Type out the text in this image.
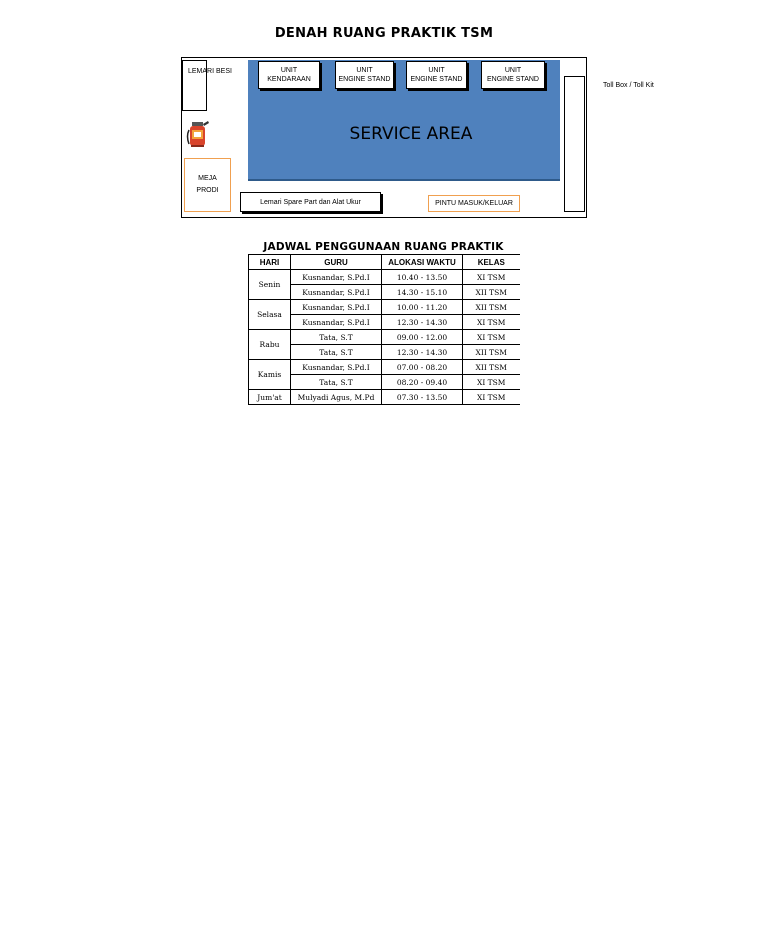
DENAH RUANG PRAKTIK TSM
SERVICE AREA
UNIT
KENDARAAN
UNIT
ENGINE STAND
UNIT
ENGINE STAND
UNIT
ENGINE STAND
LEMARI BESI
MEJA
PRODI
Lemari Spare Part dan Alat Ukur	PINTU MASUK/KELUAR
Toll Box / Toll Kit
JADWAL PENGGUNAAN RUANG PRAKTIK
HARI	GURU	ALOKASI WAKTU	KELAS
Senin	Kusnandar, S.Pd.I	10.40 - 13.50	XI TSM
	Kusnandar, S.Pd.I	14.30 - 15.10	XII TSM
Selasa	Kusnandar, S.Pd.I	10.00 - 11.20	XII TSM
	Kusnandar, S.Pd.I	12.30 - 14.30	XI TSM
Rabu	Tata, S.T	09.00 - 12.00	XI TSM
	Tata, S.T	12.30 - 14.30	XII TSM
Kamis	Kusnandar, S.Pd.I	07.00 - 08.20	XII TSM
	Tata, S.T	08.20 - 09.40	XI TSM
Jum'at	Mulyadi Agus, M.Pd	07.30 - 13.50	XI TSM
